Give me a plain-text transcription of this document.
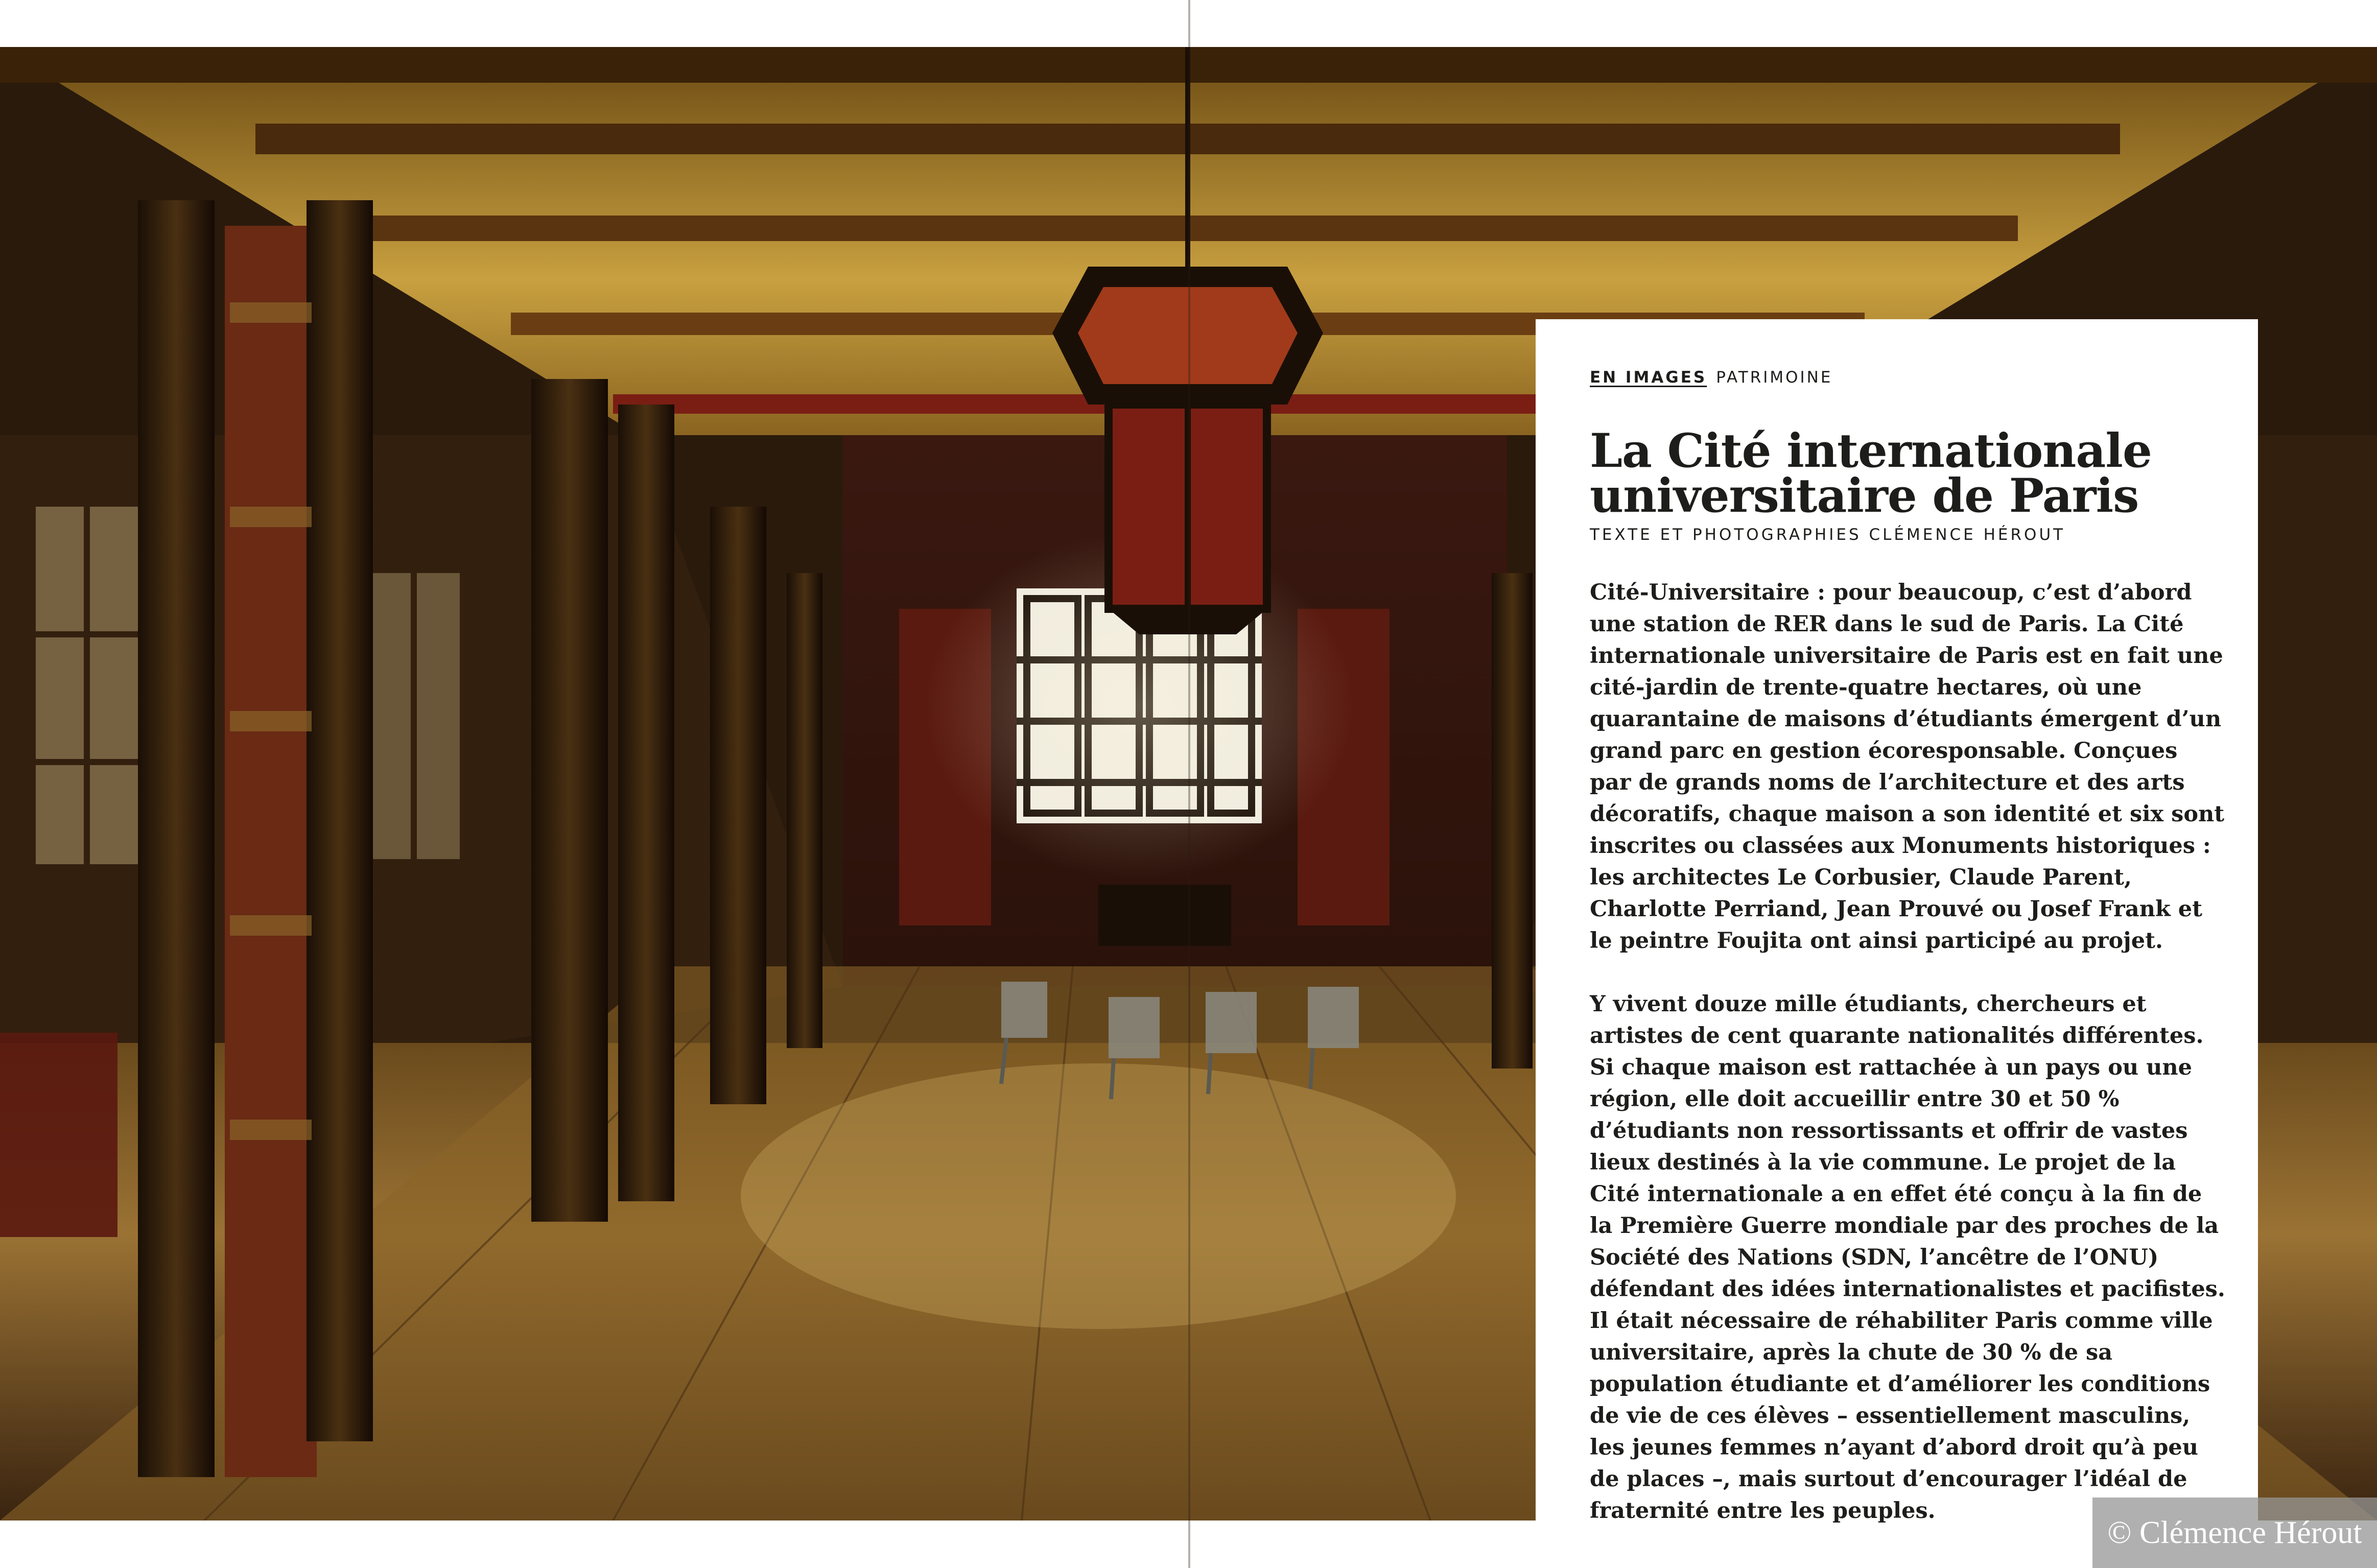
EN IMAGES PATRIMOINE

La Cité internationale
universitaire de Paris

TEXTE ET PHOTOGRAPHIES CLÉMENCE HÉROUT

Cité-Universitaire : pour beaucoup, c’est d’abord une station de RER dans le sud de Paris. La Cité internationale universitaire de Paris est en fait une cité-jardin de trente-quatre hectares, où une quarantaine de maisons d’étudiants émergent d’un grand parc en gestion écoresponsable. Conçues par de grands noms de l’architecture et des arts décoratifs, chaque maison a son identité et six sont inscrites ou classées aux Monuments historiques : les architectes Le Corbusier, Claude Parent, Charlotte Perriand, Jean Prouvé ou Josef Frank et le peintre Foujita ont ainsi participé au projet.

Y vivent douze mille étudiants, chercheurs et artistes de cent quarante nationalités différentes. Si chaque maison est rattachée à un pays ou une région, elle doit accueillir entre 30 et 50 % d’étudiants non ressortissants et offrir de vastes lieux destinés à la vie commune. Le projet de la Cité internationale a en effet été conçu à la fin de la Première Guerre mondiale par des proches de la Société des Nations (SDN, l’ancêtre de l’ONU) défendant des idées internationalistes et pacifistes. Il était nécessaire de réhabiliter Paris comme ville universitaire, après la chute de 30 % de sa population étudiante et d’améliorer les conditions de vie de ces élèves – essentiellement masculins, les jeunes femmes n’ayant d’abord droit qu’à peu de places –, mais surtout d’encourager l’idéal de fraternité entre les peuples.

© Clémence Hérout
